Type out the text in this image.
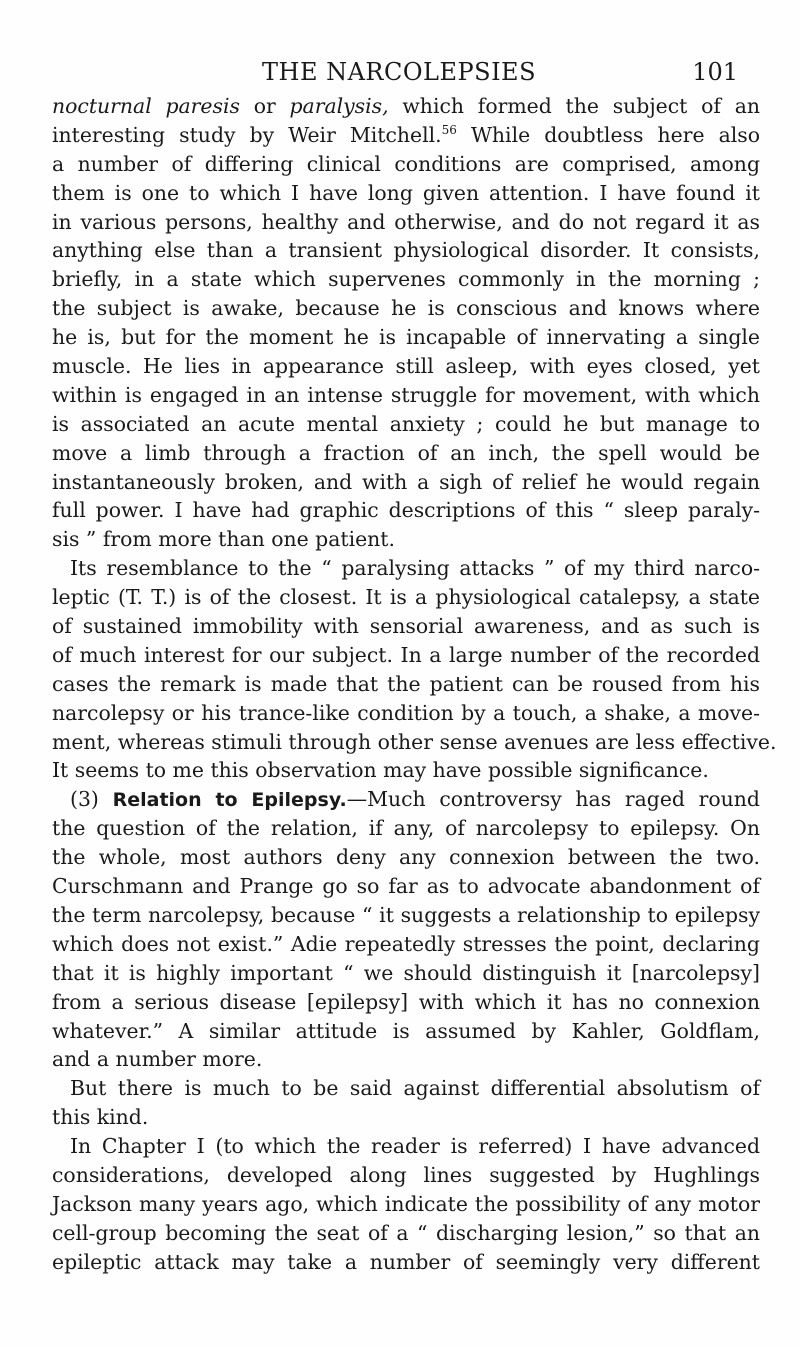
THE NARCOLEPSIES	101
nocturnal paresis or paralysis, which formed the subject of an
interesting study by Weir Mitchell.$^{56}$ While doubtless here also
a number of differing clinical conditions are comprised, among
them is one to which I have long given attention. I have found it
in various persons, healthy and otherwise, and do not regard it as
anything else than a transient physiological disorder. It consists,
briefly, in a state which supervenes commonly in the morning ;
the subject is awake, because he is conscious and knows where
he is, but for the moment he is incapable of innervating a single
muscle. He lies in appearance still asleep, with eyes closed, yet
within is engaged in an intense struggle for movement, with which
is associated an acute mental anxiety ; could he but manage to
move a limb through a fraction of an inch, the spell would be
instantaneously broken, and with a sigh of relief he would regain
full power. I have had graphic descriptions of this “ sleep paraly-
sis ” from more than one patient.
Its resemblance to the “ paralysing attacks ” of my third narco-
leptic (T. T.) is of the closest. It is a physiological catalepsy, a state
of sustained immobility with sensorial awareness, and as such is
of much interest for our subject. In a large number of the recorded
cases the remark is made that the patient can be roused from his
narcolepsy or his trance-like condition by a touch, a shake, a move-
ment, whereas stimuli through other sense avenues are less effective.
It seems to me this observation may have possible significance.
(3) Relation to Epilepsy.—Much controversy has raged round
the question of the relation, if any, of narcolepsy to epilepsy. On
the whole, most authors deny any connexion between the two.
Curschmann and Prange go so far as to advocate abandonment of
the term narcolepsy, because “ it suggests a relationship to epilepsy
which does not exist.” Adie repeatedly stresses the point, declaring
that it is highly important “ we should distinguish it [narcolepsy]
from a serious disease [epilepsy] with which it has no connexion
whatever.” A similar attitude is assumed by Kahler, Goldflam,
and a number more.
But there is much to be said against differential absolutism of
this kind.
In Chapter I (to which the reader is referred) I have advanced
considerations, developed along lines suggested by Hughlings
Jackson many years ago, which indicate the possibility of any motor
cell-group becoming the seat of a “ discharging lesion,” so that an
epileptic attack may take a number of seemingly very different
